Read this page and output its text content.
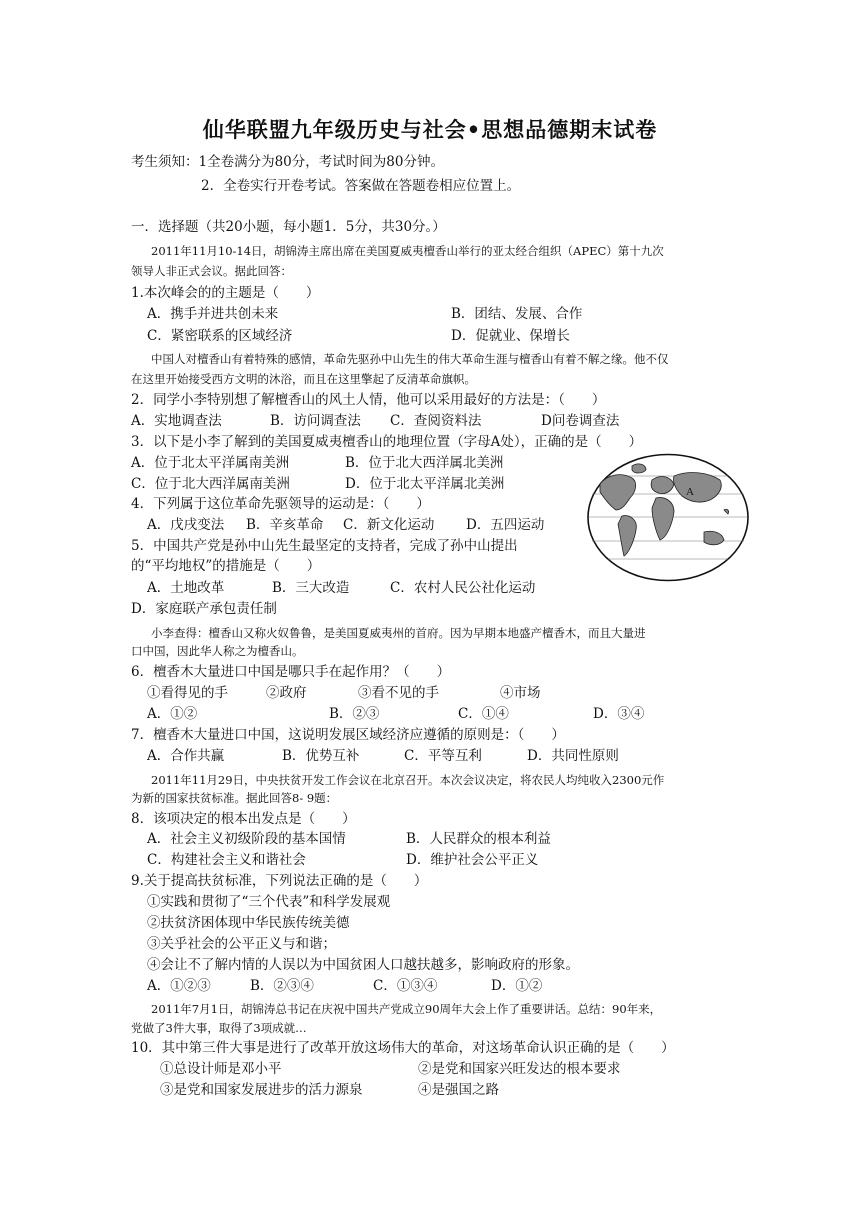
仙华联盟九年级历史与社会•思想品德期末试卷
考生须知：1全卷满分为80分，考试时间为80分钟。
2．全卷实行开卷考试。答案做在答题卷相应位置上。
一．选择题（共20小题，每小题1．5分，共30分。）
2011年11月10-14日，胡锦涛主席出席在美国夏威夷檀香山举行的亚太经合组织（APEC）第十九次
领导人非正式会议。据此回答：
1.本次峰会的的主题是（　　）
A．携手并进共创未来	B．团结、发展、合作
C．紧密联系的区域经济	D．促就业、保增长
中国人对檀香山有着特殊的感情，革命先驱孙中山先生的伟大革命生涯与檀香山有着不解之缘。他不仅
在这里开始接受西方文明的沐浴，而且在这里擎起了反清革命旗帜。
2．同学小李特别想了解檀香山的风土人情，他可以采用最好的方法是：（　　）
A．实地调查法	B．访问调查法 C．查阅资料法	D问卷调查法
3．以下是小李了解到的美国夏威夷檀香山的地理位置（字母A处），正确的是（　　）
A．位于北太平洋属南美洲	B．位于北大西洋属北美洲
C．位于北大西洋属南美洲	D．位于北太平洋属北美洲	A
4．下列属于这位革命先驱领导的运动是：（　　）
A．戊戌变法 B．辛亥革命 C．新文化运动 D．五四运动
5．中国共产党是孙中山先生最坚定的支持者，完成了孙中山提出
的“平均地权”的措施是（　　）
A．土地改革	B．三大改造	C．农村人民公社化运动
D．家庭联产承包责任制
小李查得：檀香山又称火奴鲁鲁，是美国夏威夷州的首府。因为早期本地盛产檀香木，而且大量进
口中国，因此华人称之为檀香山。
6．檀香木大量进口中国是哪只手在起作用？（　　）
①看得见的手	②政府	③看不见的手	④市场
A．①②	B．②③	C．①④	D．③④
7．檀香木大量进口中国，这说明发展区域经济应遵循的原则是：（　　）
A．合作共赢	B．优势互补	C．平等互利	D．共同性原则
2011年11月29日，中央扶贫开发工作会议在北京召开。本次会议决定，将农民人均纯收入2300元作
为新的国家扶贫标准。据此回答8- 9题：
8．该项决定的根本出发点是（　　）
A．社会主义初级阶段的基本国情	B．人民群众的根本利益
C．构建社会主义和谐社会	D．维护社会公平正义
9.关于提高扶贫标准，下列说法正确的是（　　）
①实践和贯彻了“三个代表”和科学发展观
②扶贫济困体现中华民族传统美德
③关乎社会的公平正义与和谐；
④会让不了解内情的人误以为中国贫困人口越扶越多，影响政府的形象。
A．①②③	B．②③④	C．①③④	D．①②
2011年7月1日，胡锦涛总书记在庆祝中国共产党成立90周年大会上作了重要讲话。总结：90年来，
党做了3件大事，取得了3项成就…
10．其中第三件大事是进行了改革开放这场伟大的革命，对这场革命认识正确的是（　　）
①总设计师是邓小平	②是党和国家兴旺发达的根本要求
③是党和国家发展进步的活力源泉	④是强国之路
